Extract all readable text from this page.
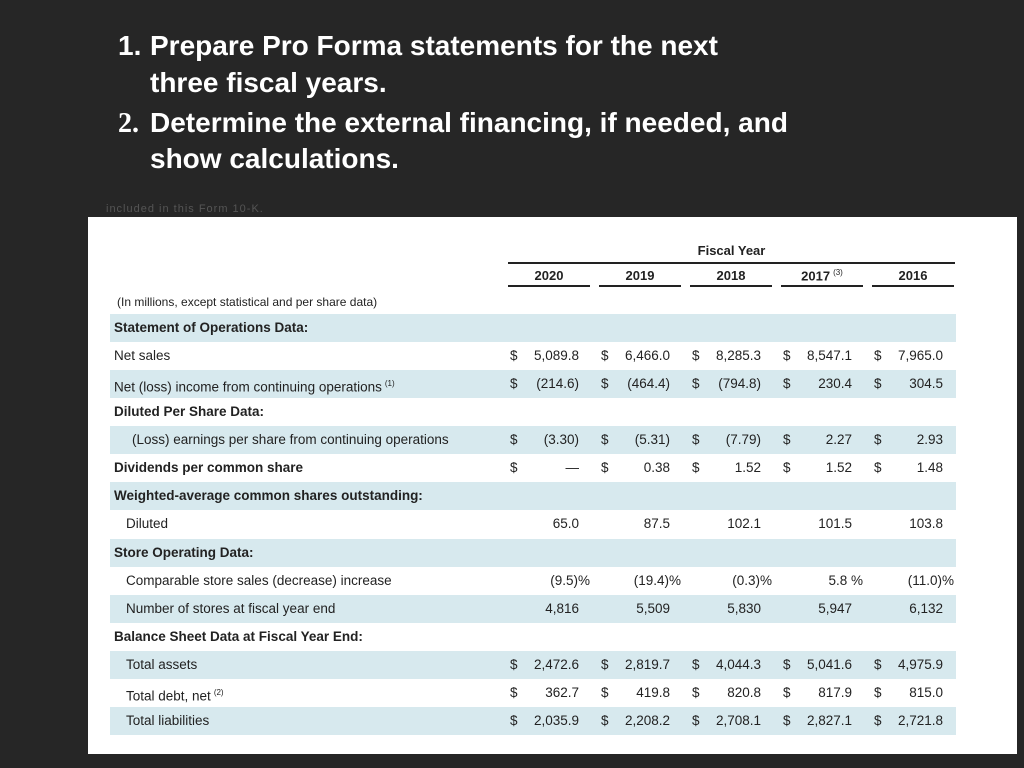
1. Prepare Pro Forma statements for the next
three fiscal years.
2. Determine the external financing, if needed, and
show calculations.
included in this Form 10-K.
Fiscal Year
2020	2019	2018	2017 $^{(3)}$	2016
(In millions, except statistical and per share data)
Statement of Operations Data:
Net sales	$	5,089.8 $	6,466.0 $	8,285.3 $	8,547.1 $	7,965.0
Net (loss) income from continuing operations $^{(1)}$	$	(214.6) $	(464.4) $	(794.8) $	230.4 $	304.5
Diluted Per Share Data:
(Loss) earnings per share from continuing operations	$	(3.30) $	(5.31) $	(7.79) $	2.27 $	2.93
Dividends per common share	$	— $	0.38 $	1.52 $	1.52 $	1.48
Weighted-average common shares outstanding:
Diluted	65.0	87.5	102.1	101.5	103.8
Store Operating Data:
Comparable store sales (decrease) increase	(9.5)%	(19.4)%	(0.3)%	5.8 %	(11.0)%
Number of stores at fiscal year end	4,816	5,509	5,830	5,947	6,132
Balance Sheet Data at Fiscal Year End:
Total assets	$	2,472.6 $	2,819.7 $	4,044.3 $	5,041.6 $	4,975.9
Total debt, net $^{(2)}$	$	362.7 $	419.8 $	820.8 $	817.9 $	815.0
Total liabilities	$	2,035.9 $	2,208.2 $	2,708.1 $	2,827.1 $	2,721.8
